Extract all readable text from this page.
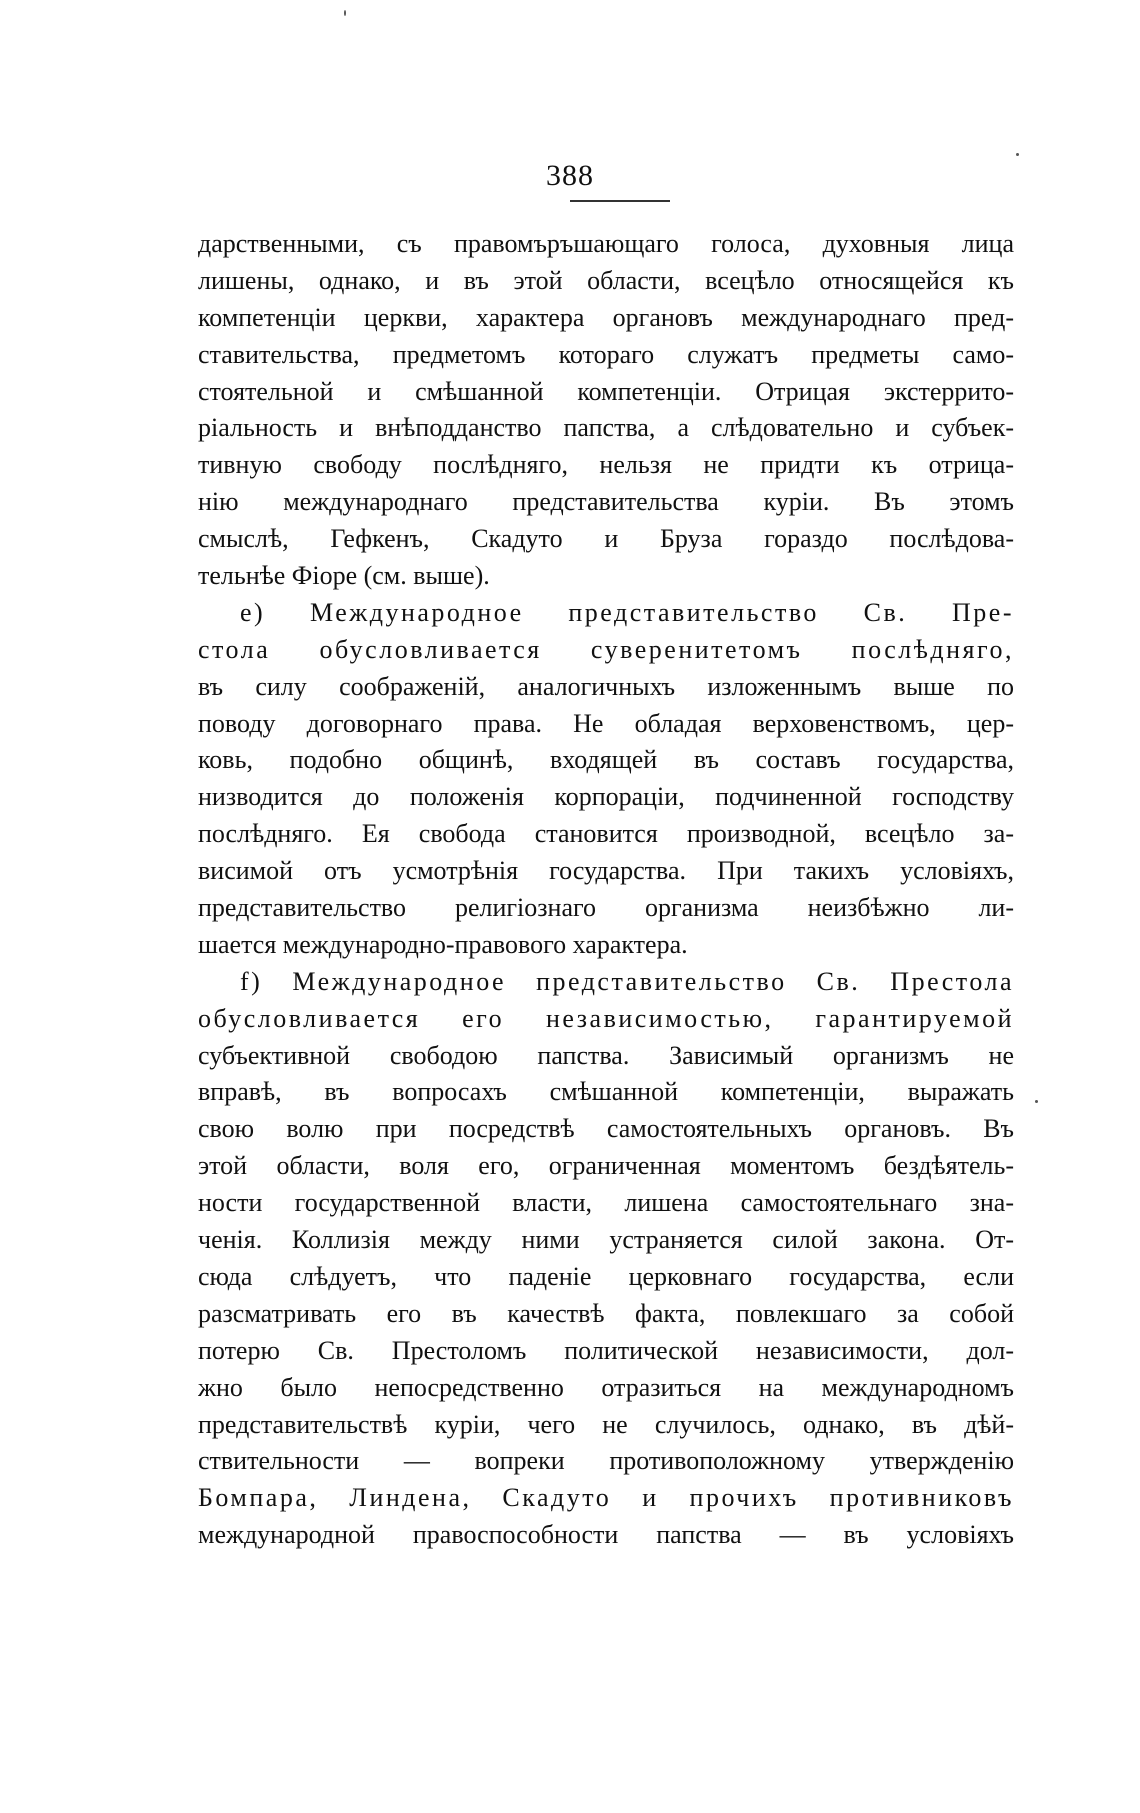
388
дарственными, съ правомъръшающаго голоса, духовныя лица
лишены, однако, и въ этой области, всецѣло относящейся къ
компетенціи церкви, характера органовъ международнаго пред-
ставительства, предметомъ котораго служатъ предметы само-
стоятельной и смѣшанной компетенціи. Отрицая экстеррито-
ріальность и внѣподданство папства, а слѣдовательно и субъек-
тивную свободу послѣдняго, нельзя не придти къ отрица-
нію международнаго представительства куріи. Въ этомъ
смыслѣ, Гефкенъ, Скадуто и Бруза гораздо послѣдова-
тельнѣе Фіоре (см. выше).
e) Международное представительство Св. Пре-
стола обусловливается суверенитетомъ послѣдняго,
въ силу соображеній, аналогичныхъ изложеннымъ выше по
поводу договорнаго права. Не обладая верховенствомъ, цер-
ковь, подобно общинѣ, входящей въ составъ государства,
низводится до положенія корпораціи, подчиненной господству
послѣдняго. Ея свобода становится производной, всецѣло за-
висимой отъ усмотрѣнія государства. При такихъ условіяхъ,
представительство религіознаго организма неизбѣжно ли-
шается международно-правового характера.
f) Международное представительство Св. Престола
обусловливается его независимостью, гарантируемой
субъективной свободою папства. Зависимый организмъ не
вправѣ, въ вопросахъ смѣшанной компетенціи, выражать
свою волю при посредствѣ самостоятельныхъ органовъ. Въ
этой области, воля его, ограниченная моментомъ бездѣятель-
ности государственной власти, лишена самостоятельнаго зна-
ченія. Коллизія между ними устраняется силой закона. От-
сюда слѣдуетъ, что паденіе церковнаго государства, если
разсматривать его въ качествѣ факта, повлекшаго за собой
потерю Св. Престоломъ политической независимости, дол-
жно было непосредственно отразиться на международномъ
представительствѣ куріи, чего не случилось, однако, въ дѣй-
ствительности — вопреки противоположному утвержденію
Бомпара, Линдена, Скадуто и прочихъ противниковъ
международной правоспособности папства — въ условіяхъ
